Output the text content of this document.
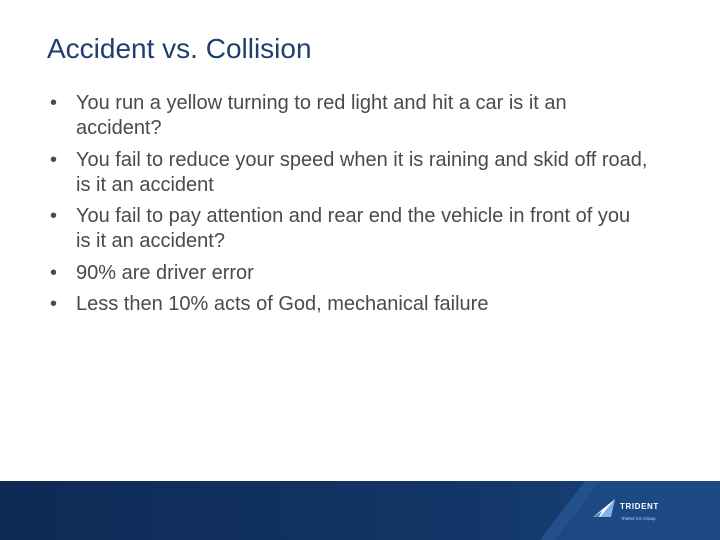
Accident vs. Collision
• You run a yellow turning to red light and hit a car is it an accident?
• You fail to reduce your speed when it is raining and skid off road, is it an accident
• You fail to pay attention and rear end the vehicle in front of you is it an accident?
• 90% are driver error
• Less then 10% acts of God, mechanical failure
TRIDENT
Trident Ins Group
